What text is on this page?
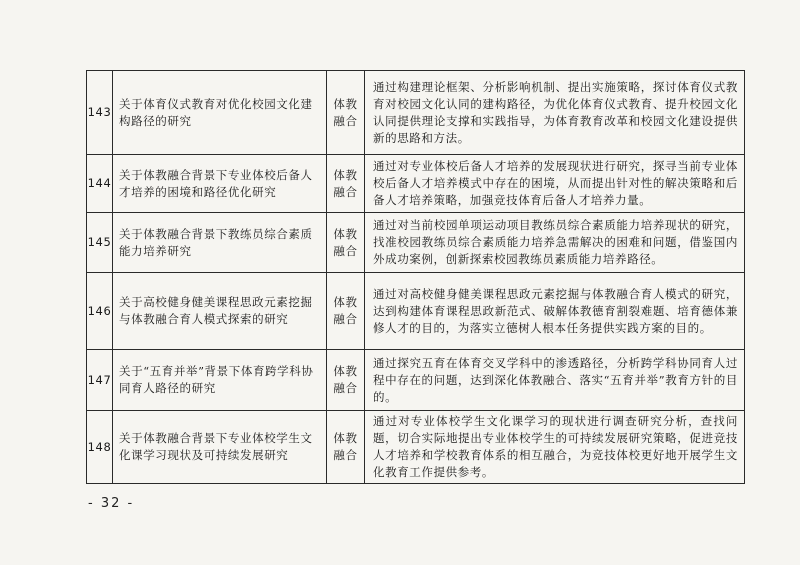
143	关于体育仪式教育对优化校园文化建构路径的研究	体教
融合	通过构建理论框架、分析影响机制、提出实施策略，探讨体育仪式教育对校园文化认同的建构路径，为优化体育仪式教育、提升校园文化认同提供理论支撑和实践指导，为体育教育改革和校园文化建设提供新的思路和方法。
144	关于体教融合背景下专业体校后备人才培养的困境和路径优化研究	体教
融合	通过对专业体校后备人才培养的发展现状进行研究，探寻当前专业体校后备人才培养模式中存在的困境，从而提出针对性的解决策略和后备人才培养策略，加强竞技体育后备人才培养力量。
145	关于体教融合背景下教练员综合素质能力培养研究	体教
融合	通过对当前校园单项运动项目教练员综合素质能力培养现状的研究，找准校园教练员综合素质能力培养急需解决的困难和问题，借鉴国内外成功案例，创新探索校园教练员素质能力培养路径。
146	关于高校健身健美课程思政元素挖掘与体教融合育人模式探索的研究	体教
融合	通过对高校健身健美课程思政元素挖掘与体教融合育人模式的研究，达到构建体育课程思政新范式、破解体教德育割裂难题、培育德体兼修人才的目的，为落实立德树人根本任务提供实践方案的目的。
147	关于“五育并举”背景下体育跨学科协同育人路径的研究	体教
融合	通过探究五育在体育交叉学科中的渗透路径，分析跨学科协同育人过程中存在的问题，达到深化体教融合、落实“五育并举”教育方针的目的。
148	关于体教融合背景下专业体校学生文化课学习现状及可持续发展研究	体教
融合	通过对专业体校学生文化课学习的现状进行调查研究分析，查找问题，切合实际地提出专业体校学生的可持续发展研究策略，促进竞技人才培养和学校教育体系的相互融合，为竞技体校更好地开展学生文化教育工作提供参考。
- 32 -
